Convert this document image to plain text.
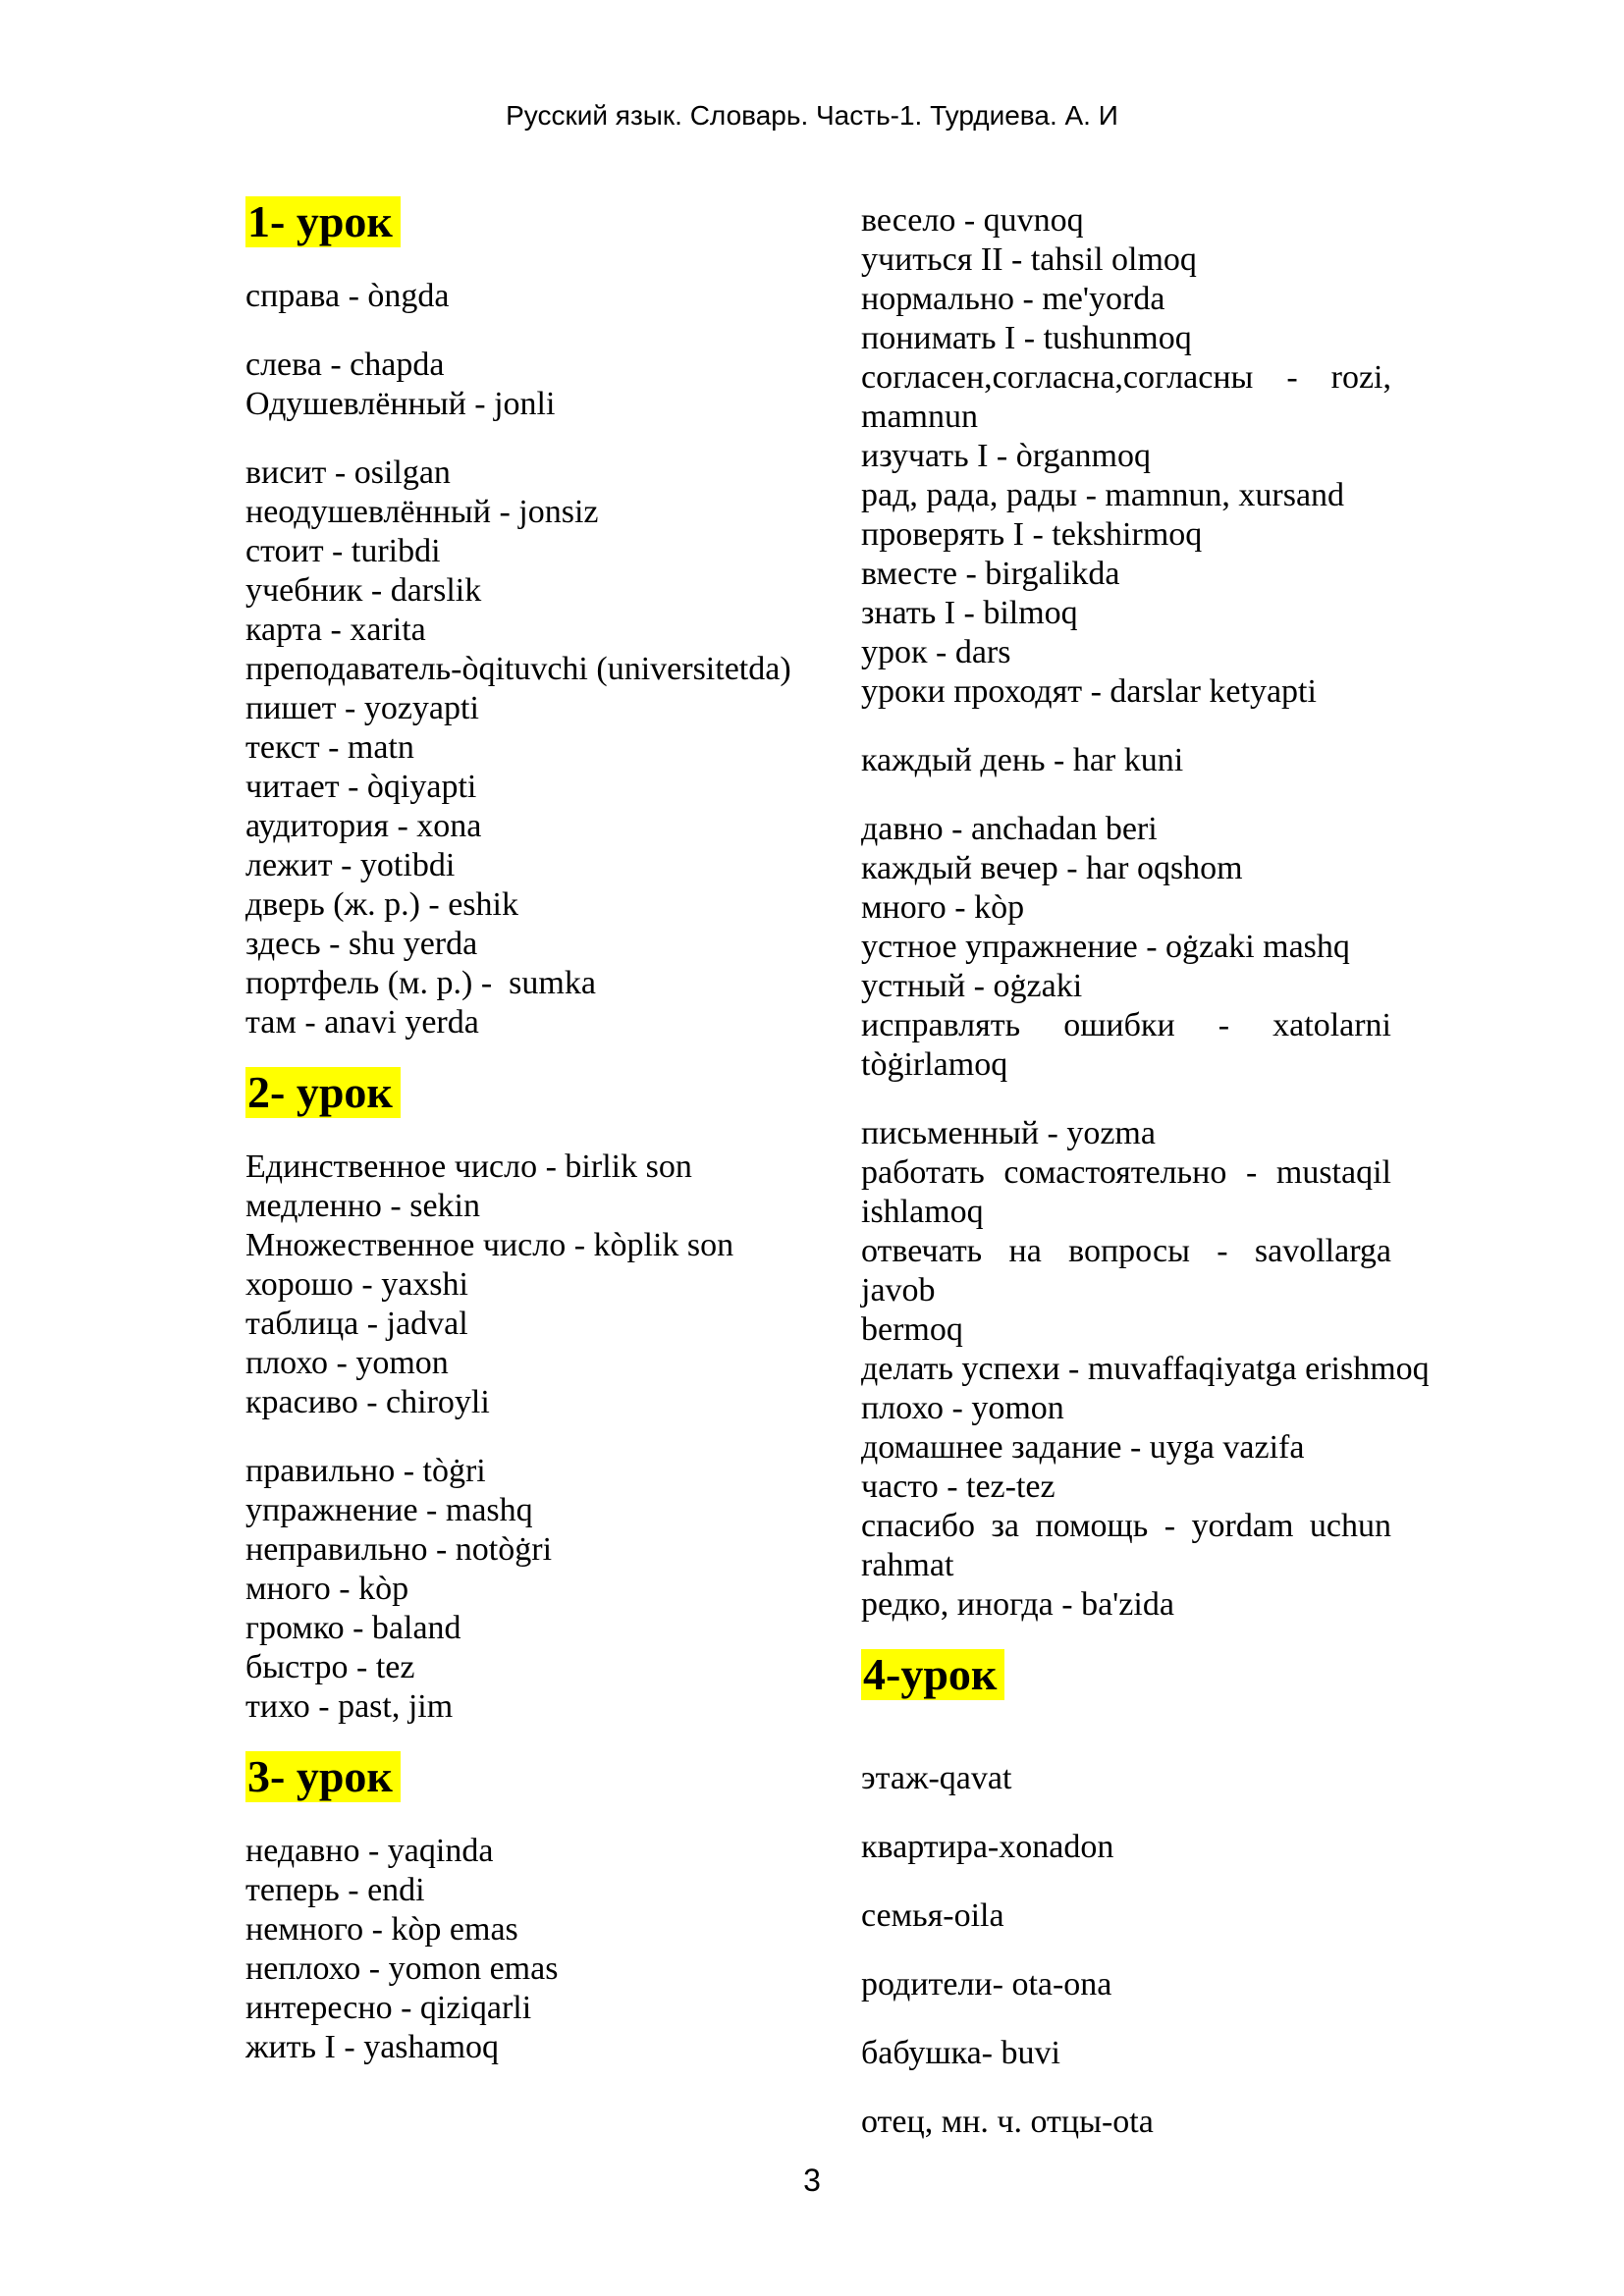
Русский язык. Словарь. Часть-1. Турдиева. А. И
1- урок
справа - òngda
слева - chapda
Одушевлённый - jonli
висит - osilgan
неодушевлённый - jonsiz
стоит - turibdi
учебник - darslik
карта - xarita
преподаватель-òqituvchi (universitetda)
пишет - yozyapti
текст - matn
читает - òqiyapti
аудитория - xona
лежит - yotibdi
дверь (ж. р.) - eshik
здесь - shu yerda
портфель (м. р.) -  sumka
там - anavi yerda
2- урок
Единственное число - birlik son
медленно - sekin
Множественное число - kòplik son
хорошо - yaxshi
таблица - jadval
плохо - yomon
красиво - chiroyli
правильно - tòġri
упражнение - mashq
неправильно - notòġri
много - kòp
громко - baland
быстро - tez
тихо - past, jim
3- урок
недавно - yaqinda
теперь - endi
немного - kòp emas
неплохо - yomon emas
интересно - qiziqarli
жить I - yashamoq
весело - quvnoq
учиться II - tahsil olmoq
нормально - me'yorda
понимать I - tushunmoq
согласен,согласна,согласны - rozi,
mamnun
изучать I - òrganmoq
рад, рада, рады - mamnun, xursand
проверять I - tekshirmoq
вместе - birgalikda
знать I - bilmoq
урок - dars
уроки проходят - darslar ketyapti
каждый день - har kuni
давно - anchadan beri
каждый вечер - har oqshom
много - kòp
устное упражнение - oġzaki mashq
устный - oġzaki
исправлять ошибки - xatolarni
tòġirlamoq
письменный - yozma
работать сомастоятельно - mustaqil
ishlamoq
отвечать на вопросы - savollarga javob
bermoq
делать успехи - muvaffaqiyatga erishmoq
плохо - yomon
домашнее задание - uyga vazifa
часто - tez-tez
спасибо за помощь - yordam uchun
rahmat
редко, иногда - ba'zida
4-урок
этаж-qavat
квартира-xonadon
семья-oila
родители- ota-ona
бабушка- buvi
отец, мн. ч. отцы-ota
3
